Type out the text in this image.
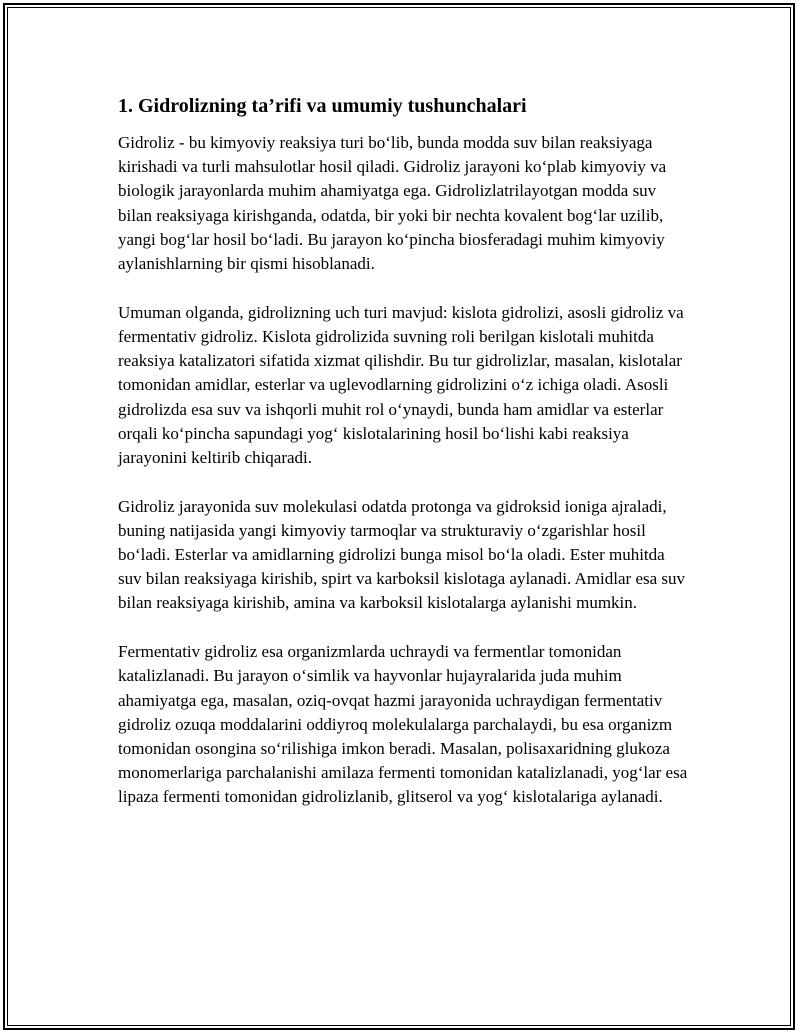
1. Gidrolizning ta’rifi va umumiy tushunchalari

Gidroliz - bu kimyoviy reaksiya turi bo‘lib, bunda modda suv bilan reaksiyaga kirishadi va turli mahsulotlar hosil qiladi. Gidroliz jarayoni ko‘plab kimyoviy va biologik jarayonlarda muhim ahamiyatga ega. Gidrolizlatrilayotgan modda suv bilan reaksiyaga kirishganda, odatda, bir yoki bir nechta kovalent bog‘lar uzilib, yangi bog‘lar hosil bo‘ladi. Bu jarayon ko‘pincha biosferadagi muhim kimyoviy aylanishlarning bir qismi hisoblanadi.

Umuman olganda, gidrolizning uch turi mavjud: kislota gidrolizi, asosli gidroliz va fermentativ gidroliz. Kislota gidrolizida suvning roli berilgan kislotali muhitda reaksiya katalizatori sifatida xizmat qilishdir. Bu tur gidrolizlar, masalan, kislotalar tomonidan amidlar, esterlar va uglevodlarning gidrolizini o‘z ichiga oladi. Asosli gidrolizda esa suv va ishqorli muhit rol o‘ynaydi, bunda ham amidlar va esterlar orqali ko‘pincha sapundagi yog‘ kislotalarining hosil bo‘lishi kabi reaksiya jarayonini keltirib chiqaradi.

Gidroliz jarayonida suv molekulasi odatda protonga va gidroksid ioniga ajraladi, buning natijasida yangi kimyoviy tarmoqlar va strukturaviy o‘zgarishlar hosil bo‘ladi. Esterlar va amidlarning gidrolizi bunga misol bo‘la oladi. Ester muhitda suv bilan reaksiyaga kirishib, spirt va karboksil kislotaga aylanadi. Amidlar esa suv bilan reaksiyaga kirishib, amina va karboksil kislotalarga aylanishi mumkin.

Fermentativ gidroliz esa organizmlarda uchraydi va fermentlar tomonidan katalizlanadi. Bu jarayon o‘simlik va hayvonlar hujayralarida juda muhim ahamiyatga ega, masalan, oziq-ovqat hazmi jarayonida uchraydigan fermentativ gidroliz ozuqa moddalarini oddiyroq molekulalarga parchalaydi, bu esa organizm tomonidan osongina so‘rilishiga imkon beradi. Masalan, polisaxaridning glukoza monomerlariga parchalanishi amilaza fermenti tomonidan katalizlanadi, yog‘lar esa lipaza fermenti tomonidan gidrolizlanib, glitserol va yog‘ kislotalariga aylanadi.
